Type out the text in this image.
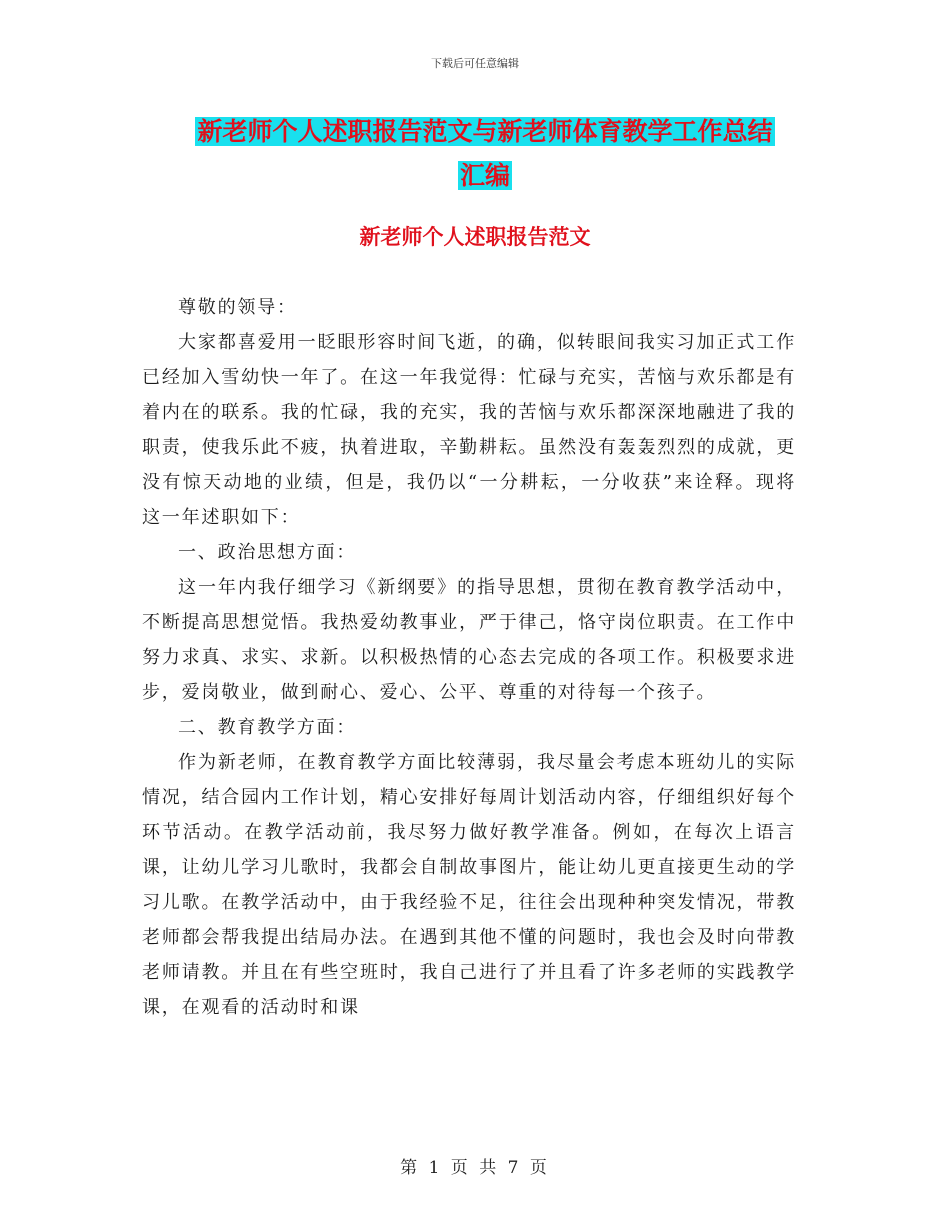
下载后可任意编辑
新老师个人述职报告范文与新老师体育教学工作总结
汇编
新老师个人述职报告范文

尊敬的领导：

大家都喜爱用一眨眼形容时间飞逝，的确，似转眼间我实习加正式工作已经加入雪幼快一年了。在这一年我觉得：忙碌与充实，苦恼与欢乐都是有着内在的联系。我的忙碌，我的充实，我的苦恼与欢乐都深深地融进了我的职责，使我乐此不疲，执着进取，辛勤耕耘。虽然没有轰轰烈烈的成就，更没有惊天动地的业绩，但是，我仍以“一分耕耘，一分收获”来诠释。现将这一年述职如下：

一、政治思想方面：

这一年内我仔细学习《新纲要》的指导思想，贯彻在教育教学活动中，不断提高思想觉悟。我热爱幼教事业，严于律己，恪守岗位职责。在工作中努力求真、求实、求新。以积极热情的心态去完成的各项工作。积极要求进步，爱岗敬业，做到耐心、爱心、公平、尊重的对待每一个孩子。

二、教育教学方面：

作为新老师，在教育教学方面比较薄弱，我尽量会考虑本班幼儿的实际情况，结合园内工作计划，精心安排好每周计划活动内容，仔细组织好每个环节活动。在教学活动前，我尽努力做好教学准备。例如，在每次上语言课，让幼儿学习儿歌时，我都会自制故事图片，能让幼儿更直接更生动的学习儿歌。在教学活动中，由于我经验不足，往往会出现种种突发情况，带教老师都会帮我提出结局办法。在遇到其他不懂的问题时，我也会及时向带教老师请教。并且在有些空班时，我自己进行了并且看了许多老师的实践教学课，在观看的活动时和课

第 1 页 共 7 页
